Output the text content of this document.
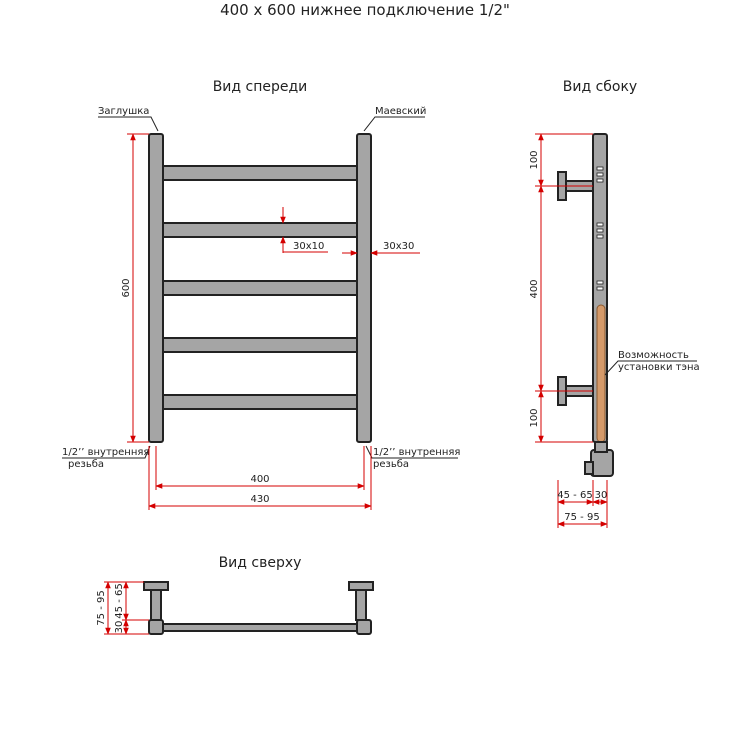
400 х 600 нижнее подключение 1/2"
Вид спереди
Заглушка	Маевский
1/2’’ внутренняя
резьба
1/2’’ внутренняя
резьба
600
30х10	30х30
400
430
Вид сбоку
100
400
100
Возможность
установки тэна
45 - 65 30
75 - 95
Вид сверху
75 - 95 45 - 65
30
